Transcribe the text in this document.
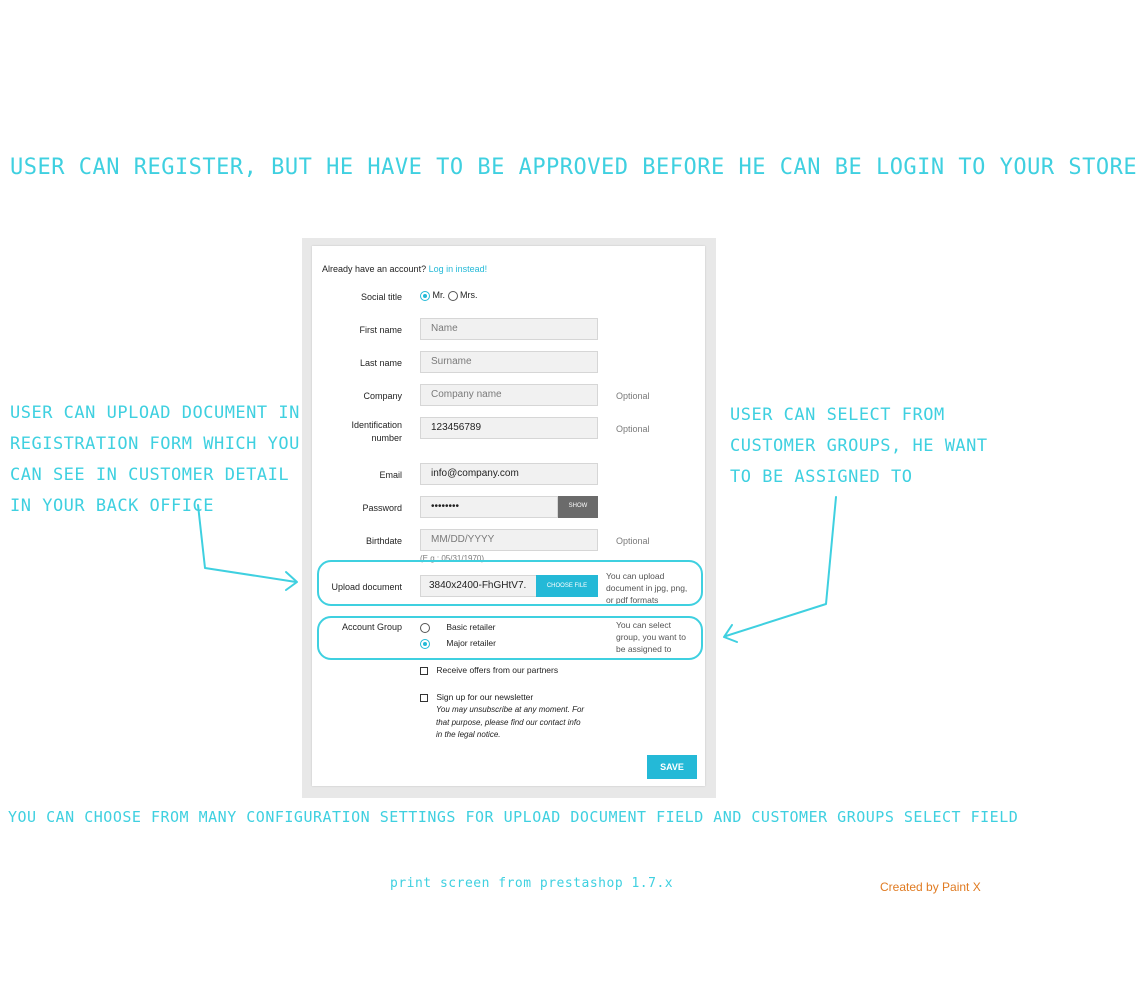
USER CAN REGISTER, BUT HE HAVE TO BE APPROVED BEFORE HE CAN BE LOGIN TO YOUR STORE
USER CAN UPLOAD DOCUMENT IN REGISTRATION FORM WHICH YOU CAN SEE IN CUSTOMER DETAIL IN YOUR BACK OFFICE
USER CAN SELECT FROM CUSTOMER GROUPS, HE WANT TO BE ASSIGNED TO
Already have an account? Log in instead!
Social title	Mr. Mrs.
First name	Name
Last name	Surname
Company	Company name	Optional
Identification
number
123456789	Optional
Email	info@company.com
Password	••••••••	SHOW
Birthdate	MM/DD/YYYY	Optional
(E.g.: 05/31/1970)
Upload document	3840x2400-FhGHtV7.	CHOOSE FILE
You can upload
document in jpg, png,
or pdf formats
Account Group	Basic retailer
Major retailer
You can select
group, you want to
be assigned to
Receive offers from our partners
Sign up for our newsletter
You may unsubscribe at any moment. For
that purpose, please find our contact info
in the legal notice.
SAVE
YOU CAN CHOOSE FROM MANY CONFIGURATION SETTINGS FOR UPLOAD DOCUMENT FIELD AND CUSTOMER GROUPS SELECT FIELD
print screen from prestashop 1.7.x	Created by Paint X
